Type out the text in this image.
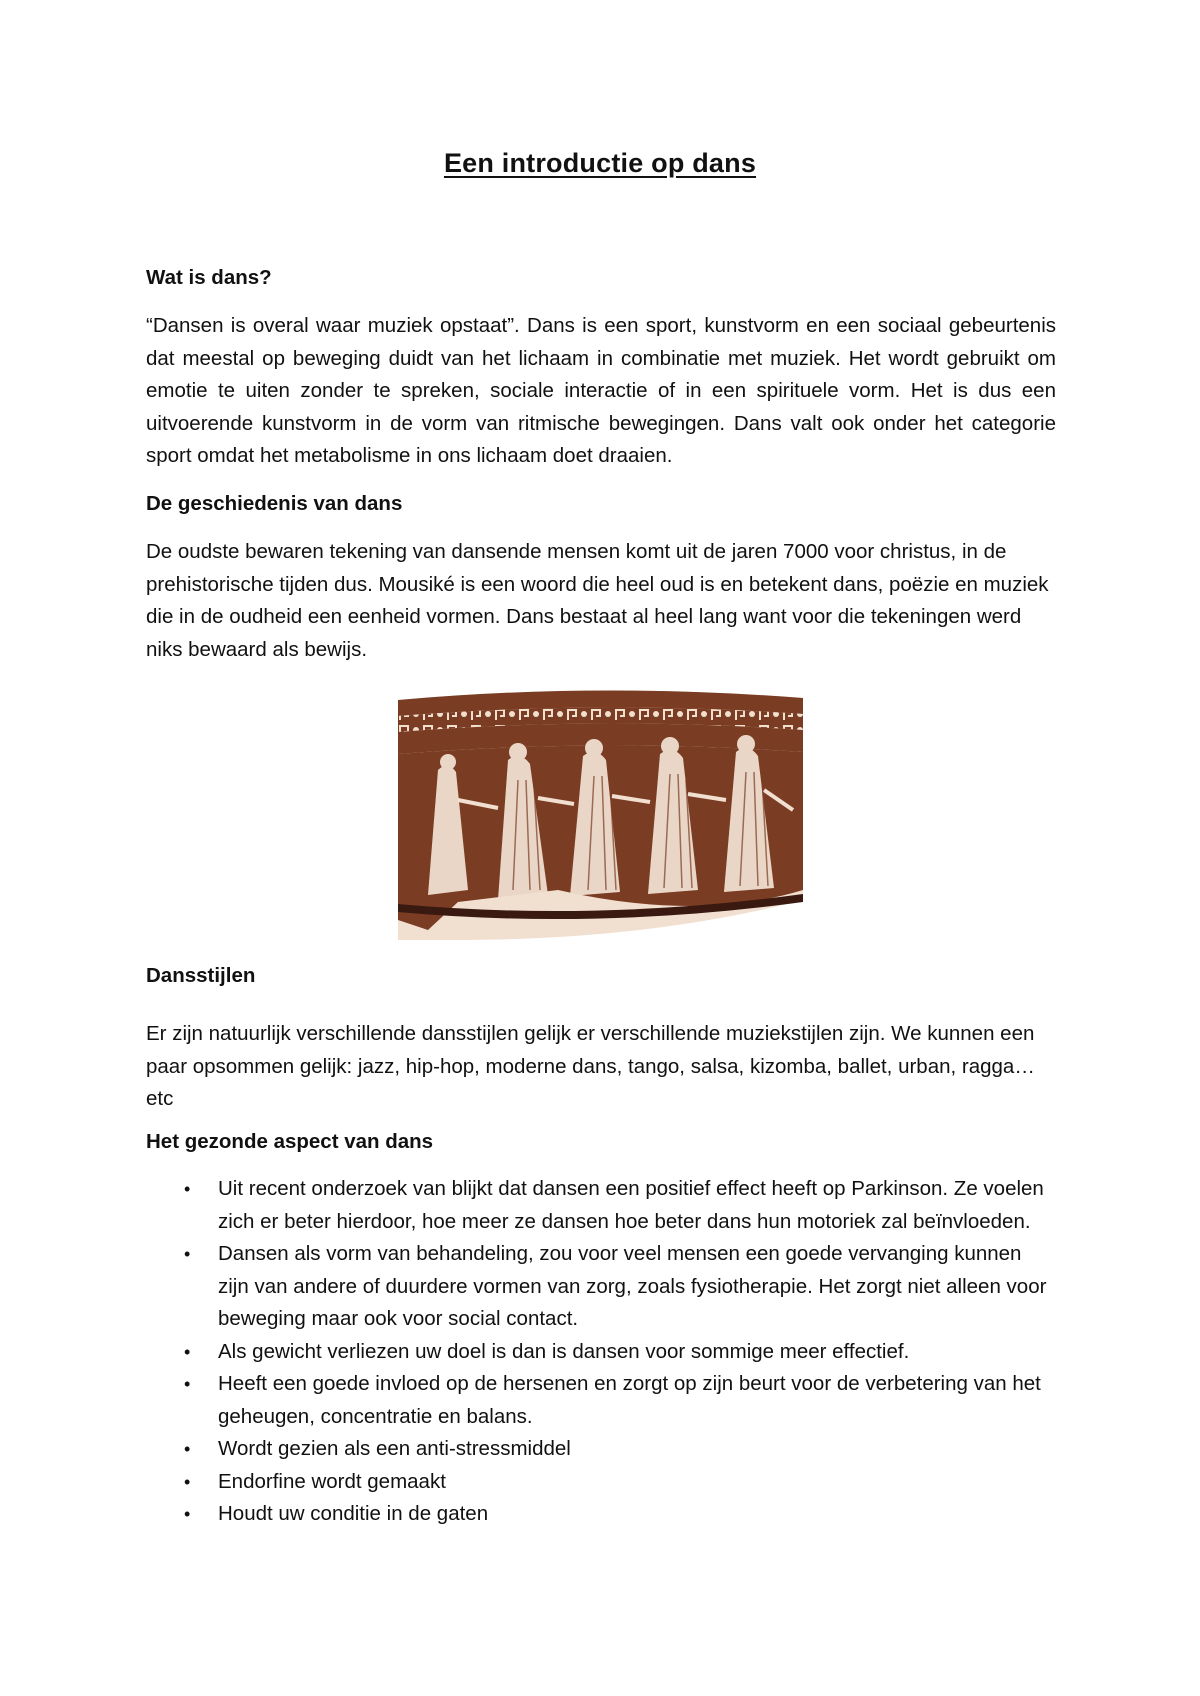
Een introductie op dans
Wat is dans?

“Dansen is overal waar muziek opstaat”. Dans is een sport, kunstvorm en een sociaal gebeurtenis dat meestal op beweging duidt van het lichaam in combinatie met muziek. Het wordt gebruikt om emotie te uiten zonder te spreken, sociale interactie of in een spirituele vorm. Het is dus een uitvoerende kunstvorm in de vorm van ritmische bewegingen. Dans valt ook onder het categorie sport omdat het metabolisme in ons lichaam doet draaien.

De geschiedenis van dans

De oudste bewaren tekening van dansende mensen komt uit de jaren 7000 voor christus, in de prehistorische tijden dus. Mousiké is een woord die heel oud is en betekent dans, poëzie en muziek die in de oudheid een eenheid vormen. Dans bestaat al heel lang want voor die tekeningen werd niks bewaard als bewijs.

Dansstijlen

Er zijn natuurlijk verschillende dansstijlen gelijk er verschillende muziekstijlen zijn. We kunnen een paar opsommen gelijk: jazz, hip-hop, moderne dans, tango, salsa, kizomba, ballet, urban, ragga…etc

Het gezonde aspect van dans
• Uit recent onderzoek van blijkt dat dansen een positief effect heeft op Parkinson. Ze voelen zich er beter hierdoor, hoe meer ze dansen hoe beter dans hun motoriek zal beïnvloeden.
• Dansen als vorm van behandeling, zou voor veel mensen een goede vervanging kunnen zijn van andere of duurdere vormen van zorg, zoals fysiotherapie. Het zorgt niet alleen voor beweging maar ook voor social contact.
• Als gewicht verliezen uw doel is dan is dansen voor sommige meer effectief.
• Heeft een goede invloed op de hersenen en zorgt op zijn beurt voor de verbetering van het geheugen, concentratie en balans.
• Wordt gezien als een anti-stressmiddel
• Endorfine wordt gemaakt
• Houdt uw conditie in de gaten
